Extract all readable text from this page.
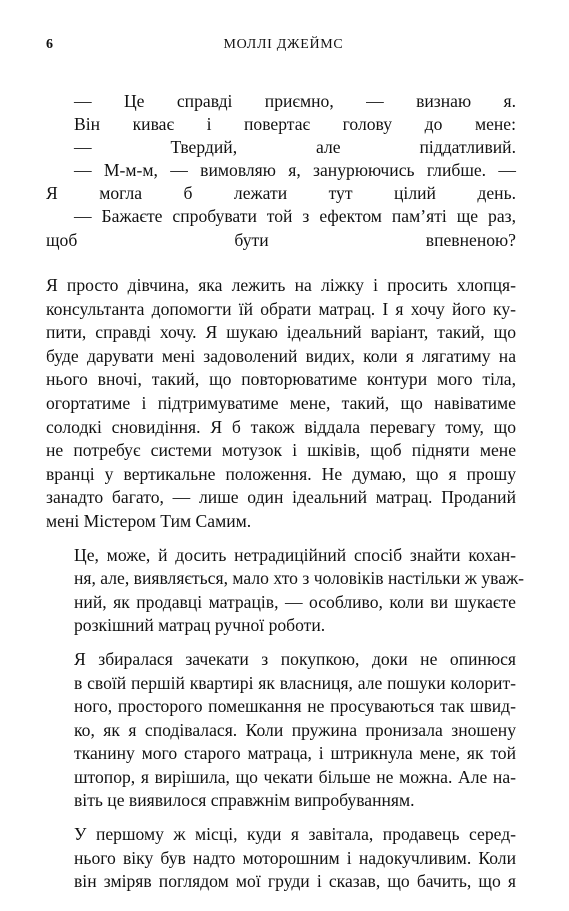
6	МОЛЛІ ДЖЕЙМС
— Це справді приємно, — визнаю я.
Він киває і повертає голову до мене:
— Твердий, але піддатливий.
— М-м-м, — вимовляю я, занурюючись глибше. —
Я могла б лежати тут цілий день.
— Бажаєте спробувати той з ефектом пам’яті ще раз,
щоб бути впевненою?

Я просто дівчина, яка лежить на ліжку і просить хлопця-
консультанта допомогти їй обрати матрац. І я хочу його ку-
пити, справді хочу. Я шукаю ідеальний варіант, такий, що
буде дарувати мені задоволений видих, коли я лягатиму на
нього вночі, такий, що повторюватиме контури мого тіла,
огортатиме і підтримуватиме мене, такий, що навіватиме
солодкі сновидіння. Я б також віддала перевагу тому, що
не потребує системи мотузок і шківів, щоб підняти мене
вранці у вертикальне положення. Не думаю, що я прошу
занадто багато, — лише один ідеальний матрац. Проданий
мені Містером Тим Самим.

Це, може, й досить нетрадиційний спосіб знайти кохан-
ня, але, виявляється, мало хто з чоловіків настільки ж уваж-
ний, як продавці матраців, — особливо, коли ви шукаєте
розкішний матрац ручної роботи.

Я збиралася зачекати з покупкою, доки не опинюся
в своїй першій квартирі як власниця, але пошуки колорит-
ного, просторого помешкання не просуваються так швид-
ко, як я сподівалася. Коли пружина пронизала зношену
тканину мого старого матраца, і штрикнула мене, як той
штопор, я вирішила, що чекати більше не можна. Але на-
віть це виявилося справжнім випробуванням.

У першому ж місці, куди я завітала, продавець серед-
нього віку був надто моторошним і надокучливим. Коли
він зміряв поглядом мої груди і сказав, що бачить, що я
